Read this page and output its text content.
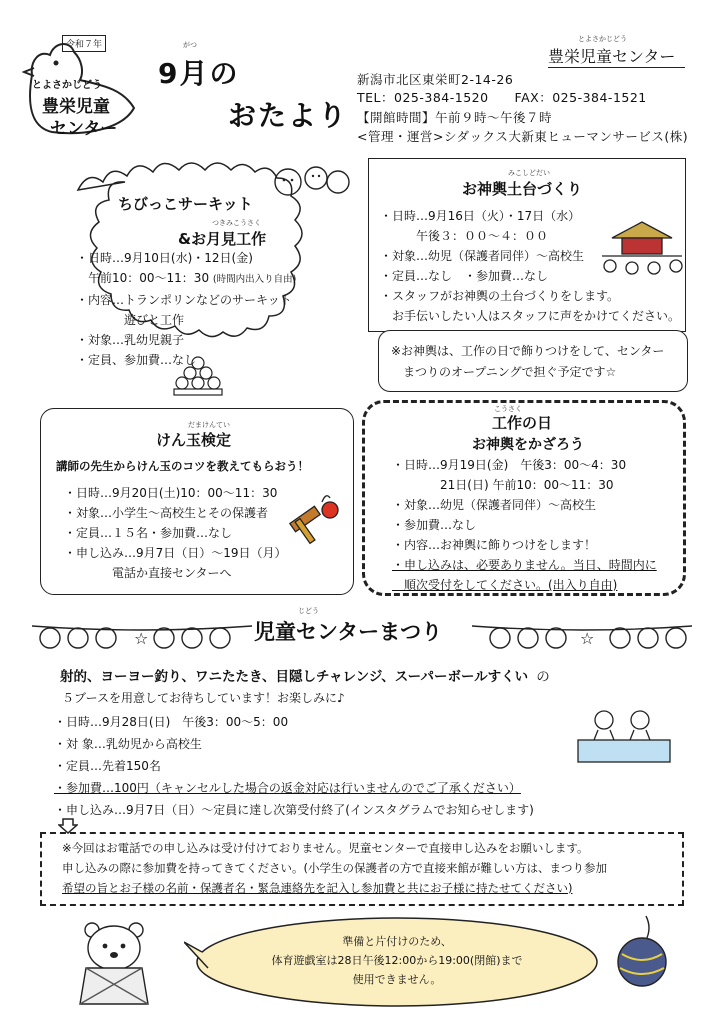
令和７年
とよさかじどう
豊栄児童
センター
がつ
9月の
おたより
とよさかじどう
豊栄児童センター
新潟市北区東栄町2-14-26
TEL：025-384-1520　　FAX：025-384-1521
【開館時間】午前９時～午後７時
<管理・運営>シダックス大新東ヒューマンサービス(株)
ちびっこサーキット
つきみこうさく
&お月見工作
・日時…9月10日(水)・12日(金)
　午前10：00～11：30 (時間内出入り自由)
・内容…トランポリンなどのサーキット
　　　　遊びと工作
・対象…乳幼児親子
・定員、参加費…なし
みこしどだい
お神輿土台づくり
・日時…9月16日（火）・17日（水）
　　　午後３：００～４：００
・対象…幼児（保護者同伴）～高校生
・定員…なし　・参加費…なし
・スタッフがお神輿の土台づくりをします。
　お手伝いしたい人はスタッフに声をかけてください。
※お神輿は、工作の日で飾りつけをして、センター
まつりのオープニングで担ぐ予定です☆
だまけんてい
けん玉検定
講師の先生からけん玉のコツを教えてもらおう！
・日時…9月20日(土)10：00～11：30
・対象…小学生～高校生とその保護者
・定員…１５名・参加費…なし
・申し込み…9月7日（日）～19日（月）
　　　　電話か直接センターへ
こうさく
工作の日
お神輿をかざろう
・日時…9月19日(金)　午後3：00～4：30
　　　　21日(日) 午前10：00～11：30
・対象…幼児（保護者同伴）～高校生
・参加費…なし
・内容…お神輿に飾りつけをします！
・申し込みは、必要ありません。当日、時間内に
　順次受付をしてください。(出入り自由)
☆	☆
じどう
児童センターまつり
射的、ヨーヨー釣り、ワニたたき、目隠しチャレンジ、スーパーボールすくい の
５ブースを用意してお待ちしています！お楽しみに♪
・日時…9月28日(日)　午後3：00～5：00
・対 象…乳幼児から高校生
・定員…先着150名
・参加費…100円（キャンセルした場合の返金対応は行いませんのでご了承ください）
・申し込み…9月7日（日）～定員に達し次第受付終了(インスタグラムでお知らせします)
※今回はお電話での申し込みは受け付けておりません。児童センターで直接申し込みをお願いします。
申し込みの際に参加費を持ってきてください。(小学生の保護者の方で直接来館が難しい方は、まつり参加
希望の旨とお子様の名前・保護者名・緊急連絡先を記入し参加費と共にお子様に持たせてください)
準備と片付けのため、
体育遊戯室は28日午後12:00から19:00(閉館)まで
使用できません。
